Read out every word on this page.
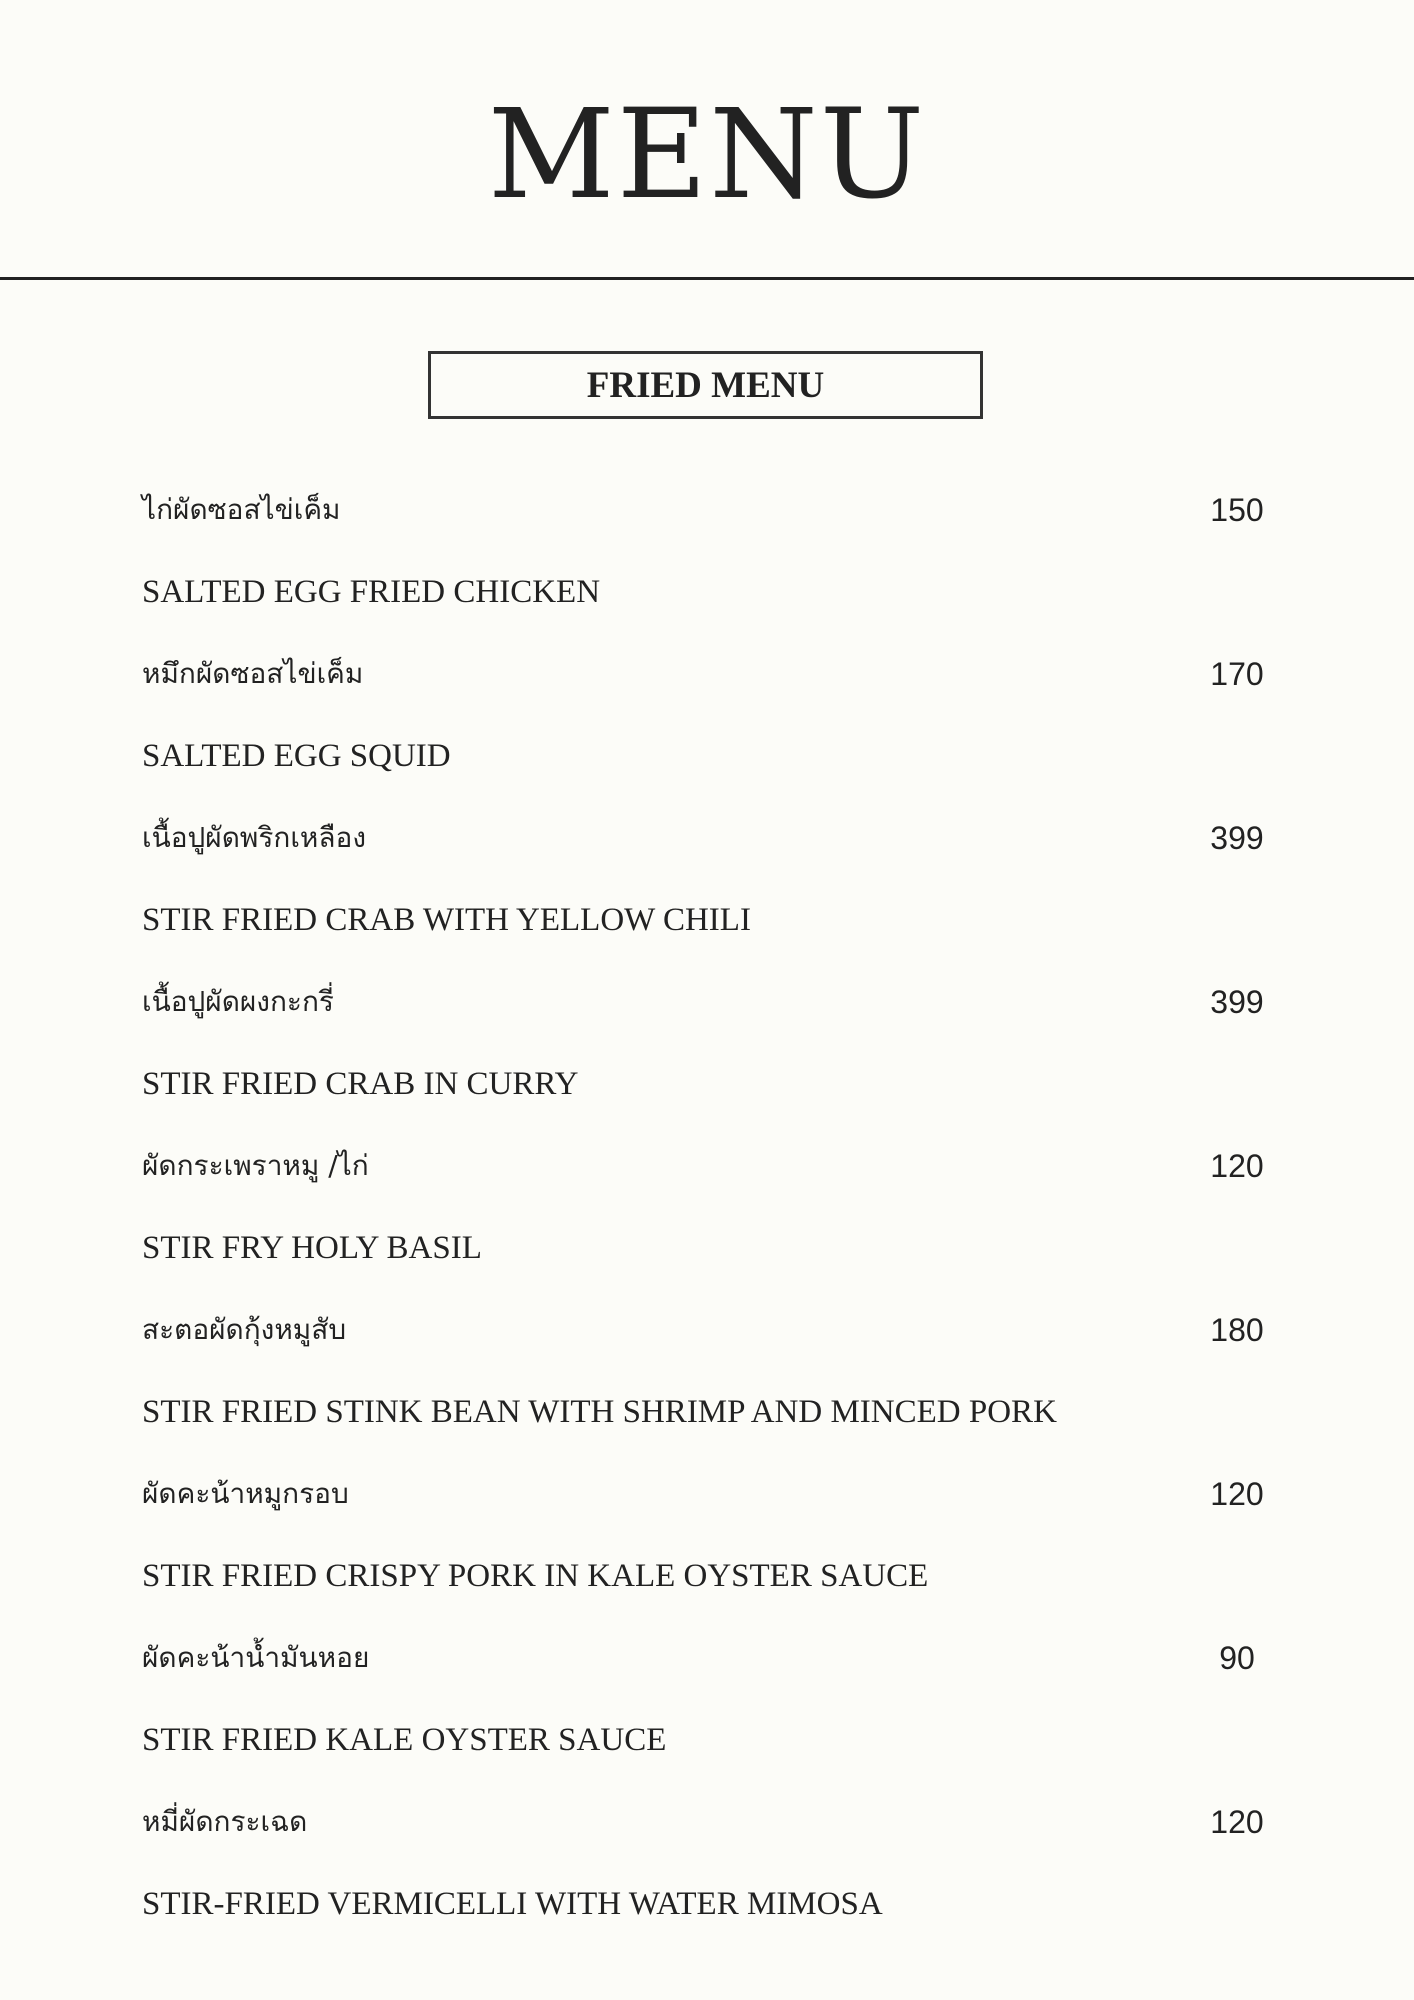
MENU
FRIED MENU
ไก่ผัดซอสไข่เค็ม	150
SALTED EGG FRIED CHICKEN
หมึกผัดซอสไข่เค็ม	170
SALTED EGG SQUID
เนื้อปูผัดพริกเหลือง	399
STIR FRIED CRAB WITH YELLOW CHILI
เนื้อปูผัดผงกะกรี่	399
STIR FRIED CRAB IN CURRY
ผัดกระเพราหมู /ไก่	120
STIR FRY HOLY BASIL
สะตอผัดกุ้งหมูสับ	180
STIR FRIED STINK BEAN WITH SHRIMP AND MINCED PORK
ผัดคะน้าหมูกรอบ	120
STIR FRIED CRISPY PORK IN KALE OYSTER SAUCE
ผัดคะน้าน้ำมันหอย	90
STIR FRIED KALE OYSTER SAUCE
หมี่ผัดกระเฉด	120
STIR-FRIED VERMICELLI WITH WATER MIMOSA
